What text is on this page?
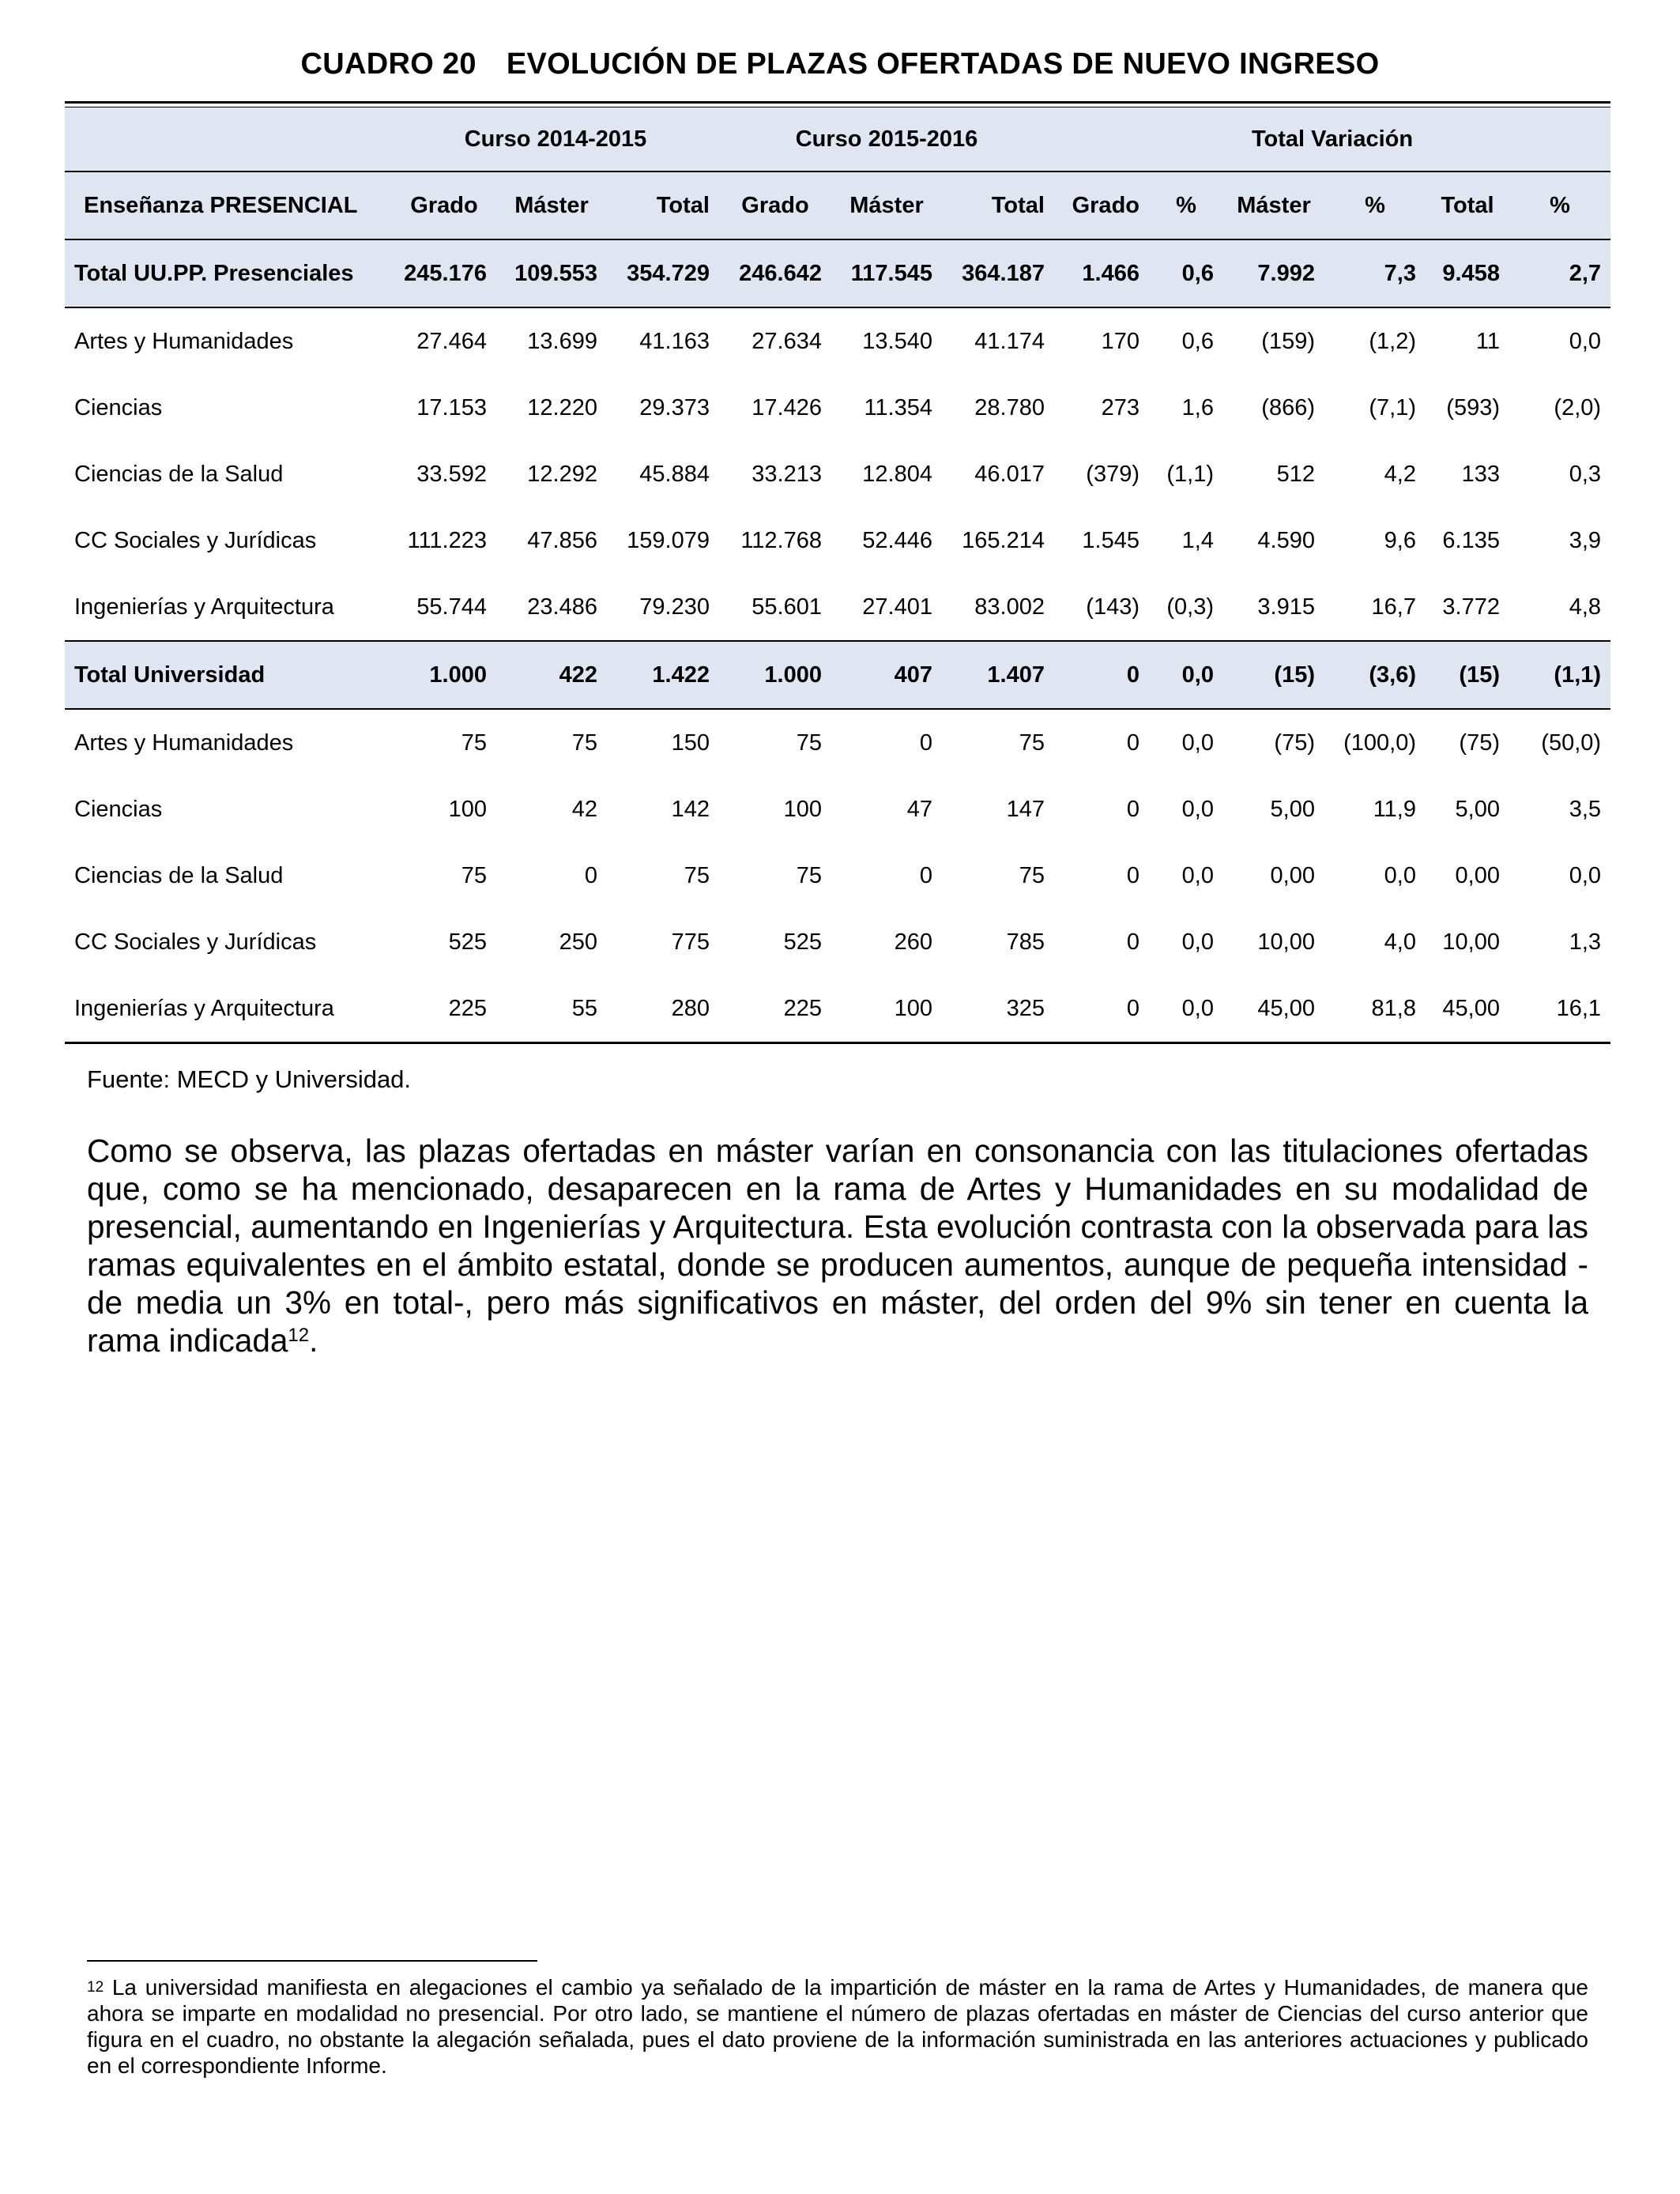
CUADRO 20 EVOLUCIÓN DE PLAZAS OFERTADAS DE NUEVO INGRESO
	Curso 2014-2015			Curso 2015-2016			Total Variación					
Enseñanza PRESENCIAL	Grado	Máster	Total	Grado	Máster	Total	Grado	%	Máster	%	Total	%
Total UU.PP. Presenciales	245.176	109.553	354.729	246.642	117.545	364.187	1.466	0,6	7.992	7,3	9.458	2,7
Artes y Humanidades	27.464	13.699	41.163	27.634	13.540	41.174	170	0,6	(159)	(1,2)	11	0,0
Ciencias	17.153	12.220	29.373	17.426	11.354	28.780	273	1,6	(866)	(7,1)	(593)	(2,0)
Ciencias de la Salud	33.592	12.292	45.884	33.213	12.804	46.017	(379)	(1,1)	512	4,2	133	0,3
CC Sociales y Jurídicas	111.223	47.856	159.079	112.768	52.446	165.214	1.545	1,4	4.590	9,6	6.135	3,9
Ingenierías y Arquitectura	55.744	23.486	79.230	55.601	27.401	83.002	(143)	(0,3)	3.915	16,7	3.772	4,8
Total Universidad	1.000	422	1.422	1.000	407	1.407	0	0,0	(15)	(3,6)	(15)	(1,1)
Artes y Humanidades	75	75	150	75	0	75	0	0,0	(75)	(100,0)	(75)	(50,0)
Ciencias	100	42	142	100	47	147	0	0,0	5,00	11,9	5,00	3,5
Ciencias de la Salud	75	0	75	75	0	75	0	0,0	0,00	0,0	0,00	0,0
CC Sociales y Jurídicas	525	250	775	525	260	785	0	0,0	10,00	4,0	10,00	1,3
Ingenierías y Arquitectura	225	55	280	225	100	325	0	0,0	45,00	81,8	45,00	16,1
Fuente: MECD y Universidad.
Como se observa, las plazas ofertadas en máster varían en consonancia con las titulaciones ofertadas que, como se ha mencionado, desaparecen en la rama de Artes y Humanidades en su modalidad de presencial, aumentando en Ingenierías y Arquitectura. Esta evolución contrasta con la observada para las ramas equivalentes en el ámbito estatal, donde se producen aumentos, aunque de pequeña intensidad -de media un 3% en total-, pero más significativos en máster, del orden del 9% sin tener en cuenta la rama indicada$^{12}$.
$^{12}$ La universidad manifiesta en alegaciones el cambio ya señalado de la impartición de máster en la rama de Artes y Humanidades, de manera que ahora se imparte en modalidad no presencial. Por otro lado, se mantiene el número de plazas ofertadas en máster de Ciencias del curso anterior que figura en el cuadro, no obstante la alegación señalada, pues el dato proviene de la información suministrada en las anteriores actuaciones y publicado en el correspondiente Informe.
